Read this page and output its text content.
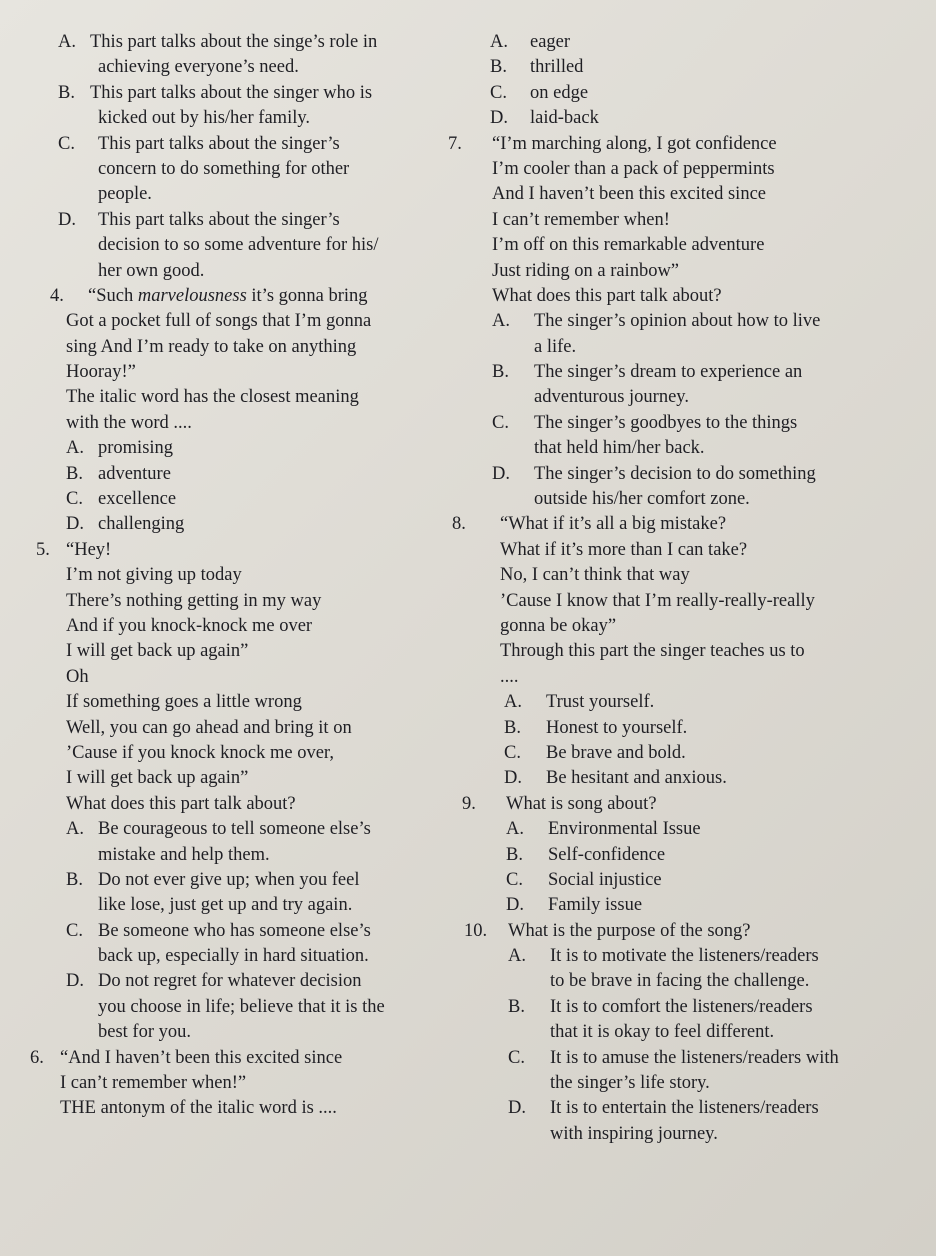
A. This part talks about the singe’s role in
achieving everyone’s need.
B. This part talks about the singer who is
kicked out by his/her family.
C. This part talks about the singer’s
concern to do something for other
people.
D. This part talks about the singer’s
decision to so some adventure for his/
her own good.
4. “Such marvelousness it’s gonna bring
Got a pocket full of songs that I’m gonna
sing And I’m ready to take on anything
Hooray!”
The italic word has the closest meaning
with the word ....
A. promising
B. adventure
C. excellence
D. challenging
5. “Hey!
I’m not giving up today
There’s nothing getting in my way
And if you knock-knock me over
I will get back up again”
Oh
If something goes a little wrong
Well, you can go ahead and bring it on
’Cause if you knock knock me over,
I will get back up again”
What does this part talk about?
A. Be courageous to tell someone else’s
mistake and help them.
B. Do not ever give up; when you feel
like lose, just get up and try again.
C. Be someone who has someone else’s
back up, especially in hard situation.
D. Do not regret for whatever decision
you choose in life; believe that it is the
best for you.
6. “And I haven’t been this excited since
I can’t remember when!”
THE antonym of the italic word is ....
A. eager
B. thrilled
C. on edge
D. laid-back
7. “I’m marching along, I got confidence
I’m cooler than a pack of peppermints
And I haven’t been this excited since
I can’t remember when!
I’m off on this remarkable adventure
Just riding on a rainbow”
What does this part talk about?
A. The singer’s opinion about how to live
a life.
B. The singer’s dream to experience an
adventurous journey.
C. The singer’s goodbyes to the things
that held him/her back.
D. The singer’s decision to do something
outside his/her comfort zone.
8. “What if it’s all a big mistake?
What if it’s more than I can take?
No, I can’t think that way
’Cause I know that I’m really-really-really
gonna be okay”
Through this part the singer teaches us to
....
A. Trust yourself.
B. Honest to yourself.
C. Be brave and bold.
D. Be hesitant and anxious.
9. What is song about?
A. Environmental Issue
B. Self-confidence
C. Social injustice
D. Family issue
10. What is the purpose of the song?
A. It is to motivate the listeners/readers
to be brave in facing the challenge.
B. It is to comfort the listeners/readers
that it is okay to feel different.
C. It is to amuse the listeners/readers with
the singer’s life story.
D. It is to entertain the listeners/readers
with inspiring journey.
